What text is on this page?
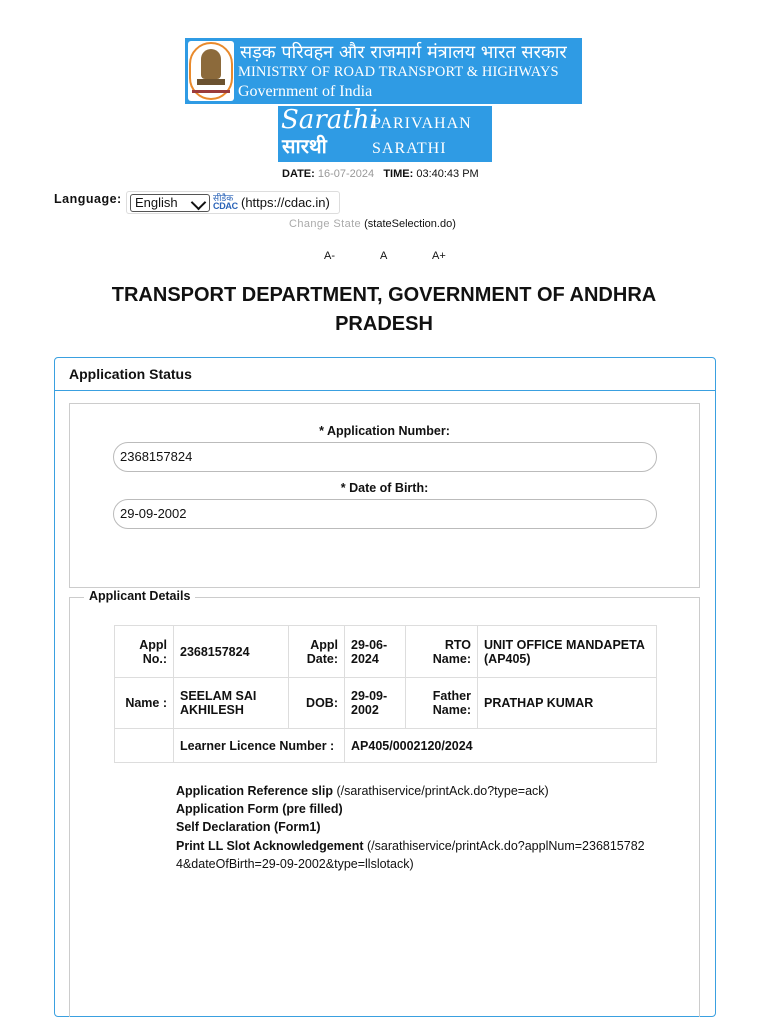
सड़क परिवहन और राजमार्ग मंत्रालय भारत सरकार
MINISTRY OF ROAD TRANSPORT & HIGHWAYS
Government of India
Sarathi
सारथी
PARIVAHAN
SARATHI
DATE: 16-07-2024 TIME: 03:40:43 PM
Language:	English	सीडैक
CDAC (https://cdac.in)
Change State (stateSelection.do)
A-	A	A+
TRANSPORT DEPARTMENT, GOVERNMENT OF ANDHRA PRADESH
Application Status
* Application Number:
2368157824
* Date of Birth:
29-09-2002
Applicant Details
Appl No.:	2368157824	Appl Date:	29-06-2024	RTO Name:	UNIT OFFICE MANDAPETA (AP405)
Name :	SEELAM SAI AKHILESH	DOB:	29-09-2002	Father Name:	PRATHAP KUMAR
	Learner Licence Number :		AP405/0002120/2024		
Application Reference slip (/sarathiservice/printAck.do?type=ack)
Application Form (pre filled)
Self Declaration (Form1)
Print LL Slot Acknowledgement (/sarathiservice/printAck.do?applNum=2368157824&dateOfBirth=29-09-2002&type=llslotack)
